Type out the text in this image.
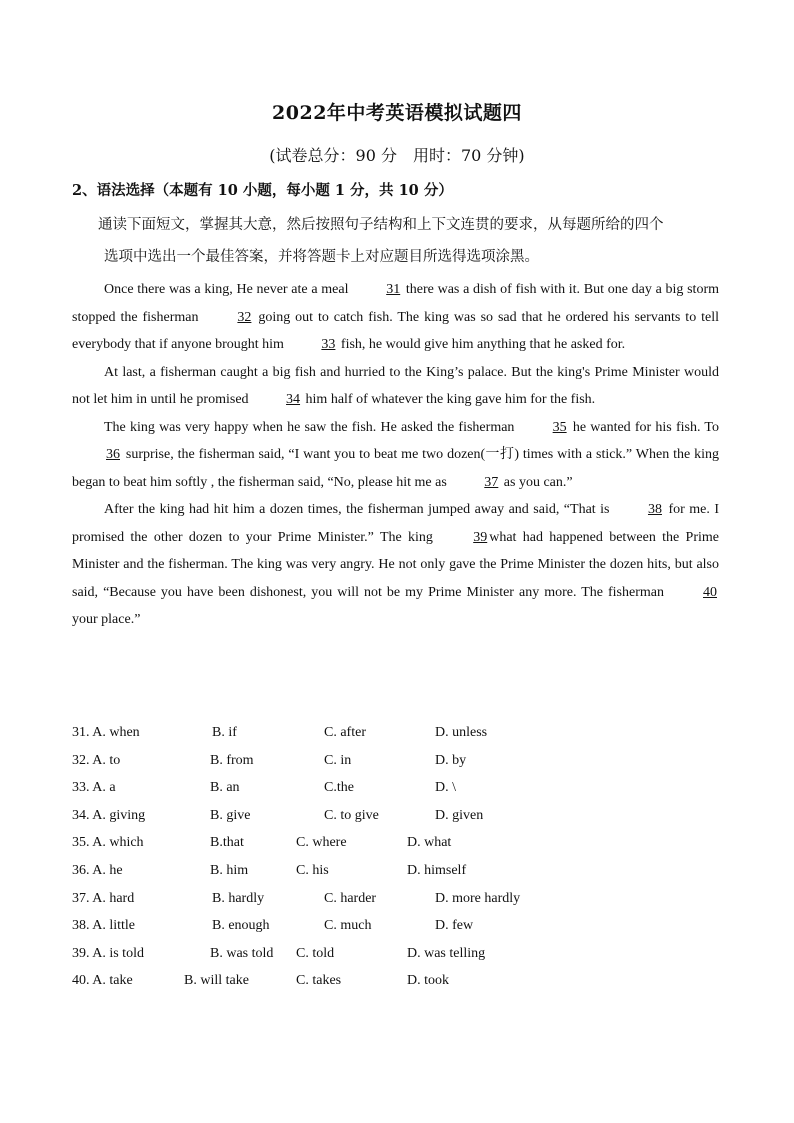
2022年中考英语模拟试题四
(试卷总分：90 分　用时：70 分钟)
2、语法选择（本题有 10 小题，每小题 1 分，共 10 分）
通读下面短文，掌握其大意，然后按照句子结构和上下文连贯的要求，从每题所给的四个
选项中选出一个最佳答案，并将答题卡上对应题目所选得选项涂黑。

Once there was a king, He never ate a meal 31 there was a dish of fish with it. But one day a big storm stopped the fisherman 32 going out to catch fish. The king was so sad that he ordered his servants to tell everybody that if anyone brought him 33 fish, he would give him anything that he asked for.

At last, a fisherman caught a big fish and hurried to the King’s palace. But the king's Prime Minister would not let him in until he promised 34 him half of whatever the king gave him for the fish.

The king was very happy when he saw the fish. He asked the fisherman 35 he wanted for his fish. To 36 surprise, the fisherman said, “I want you to beat me two dozen(一打) times with a stick.” When the king began to beat him softly , the fisherman said, “No, please hit me as 37 as you can.”

After the king had hit him a dozen times, the fisherman jumped away and said, “That is 38 for me. I promised the other dozen to your Prime Minister.” The king 39 what had happened between the Prime Minister and the fisherman. The king was very angry. He not only gave the Prime Minister the dozen hits, but also said, “Because you have been dishonest, you will not be my Prime Minister any more. The fisherman 40 your place.”

31. A. when	B. if	C. after	D. unless
32. A. to	B. from	C. in	D. by
33. A. a	B. an	C.the	D. \
34. A. giving	B. give	C. to give	D. given
35. A. which	B.that	C. where	D. what
36. A. he	B. him	C. his	D. himself
37. A. hard	B. hardly	C. harder	D. more hardly
38. A. little	B. enough	C. much	D. few
39. A. is told	B. was told C. told	D. was telling
40. A. take	B. will take	C. takes	D. took
